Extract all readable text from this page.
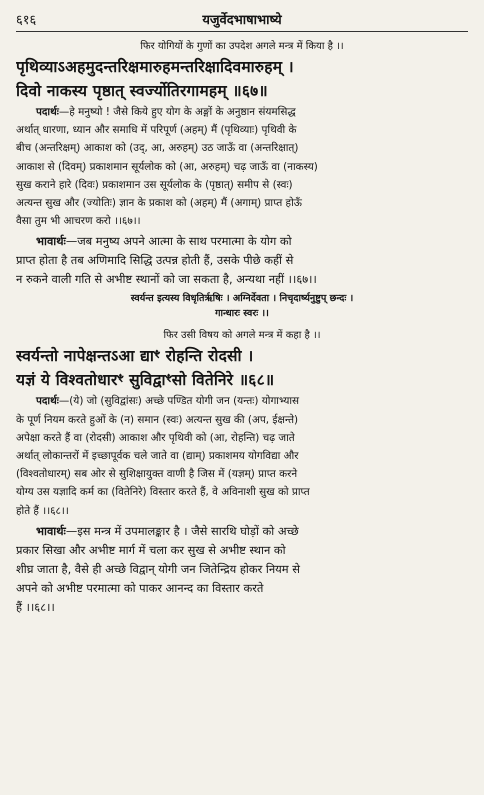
६१६	यजुर्वेदभाषाभाष्ये
फिर योगियों के गुणों का उपदेश अगले मन्त्र में किया है ।।
पृथिव्याऽअहमुदन्तरिक्षमारुहमन्तरिक्षादिवमारुहम् ।
दिवो नाकस्य पृष्ठात् स्वर्ज्योतिरगामहम् ॥६७॥
पदार्थः—हे मनुष्यो ! जैसे किये हुए योग के अङ्गों के अनुष्ठान संयमसिद्ध
अर्थात् धारणा, ध्यान और समाधि में परिपूर्ण (अहम्) मैं (पृथिव्याः) पृथिवी के
बीच (अन्तरिक्षम्) आकाश को (उद्, आ, अरुहम्) उठ जाऊँ वा (अन्तरिक्षात्)
आकाश से (दिवम्) प्रकाशमान सूर्यलोक को (आ, अरुहम्) चढ़ जाऊँ वा (नाकस्य)
सुख कराने हारे (दिवः) प्रकाशमान उस सूर्यलोक के (पृष्ठात्) समीप से (स्वः)
अत्यन्त सुख और (ज्योतिः) ज्ञान के प्रकाश को (अहम्) मैं (अगाम्) प्राप्त होऊँ
वैसा तुम भी आचरण करो ।।६७।।
भावार्थः—जब मनुष्य अपने आत्मा के साथ परमात्मा के योग को
प्राप्त होता है तब अणिमादि सिद्धि उत्पन्न होती हैं, उसके पीछे कहीं से
न रुकने वाली गति से अभीष्ट स्थानों को जा सकता है, अन्यथा नहीं ।।६७।।
स्वर्यन्त इत्यस्य विधृतिर्ऋषिः । अग्निर्देवता । निचृदार्ष्यनुष्टुप् छन्दः ।
गान्धारः स्वरः ।।
फिर उसी विषय को अगले मन्त्र में कहा है ।।
स्वर्यन्तो नापेक्षन्तऽआ द्याꣳ रोहन्ति रोदसी ।
यज्ञं ये विश्वतोधारꣳ सुविद्वाꣳसो वितेनिरे ॥६८॥
पदार्थः—(ये) जो (सुविद्वांसः) अच्छे पण्डित योगी जन (यन्तः) योगाभ्यास
के पूर्ण नियम करते हुओं के (न) समान (स्वः) अत्यन्त सुख की (अप, ईक्षन्ते)
अपेक्षा करते हैं वा (रोदसी) आकाश और पृथिवी को (आ, रोहन्ति) चढ़ जाते
अर्थात् लोकान्तरों में इच्छापूर्वक चले जाते वा (द्याम्) प्रकाशमय योगविद्या और
(विश्वतोधारम्) सब ओर से सुशिक्षायुक्त वाणी है जिस में (यज्ञम्) प्राप्त करने
योग्य उस यज्ञादि कर्म का (वितेनिरे) विस्तार करते हैं, वे अविनाशी सुख को प्राप्त
होते हैं ।।६८।।
भावार्थः—इस मन्त्र में उपमालङ्कार है । जैसे सारथि घोड़ों को अच्छे
प्रकार सिखा और अभीष्ट मार्ग में चला कर सुख से अभीष्ट स्थान को
शीघ्र जाता है, वैसे ही अच्छे विद्वान् योगी जन जितेन्द्रिय होकर नियम से
अपने को अभीष्ट परमात्मा को पाकर आनन्द का विस्तार करते
हैं ।।६८।।
